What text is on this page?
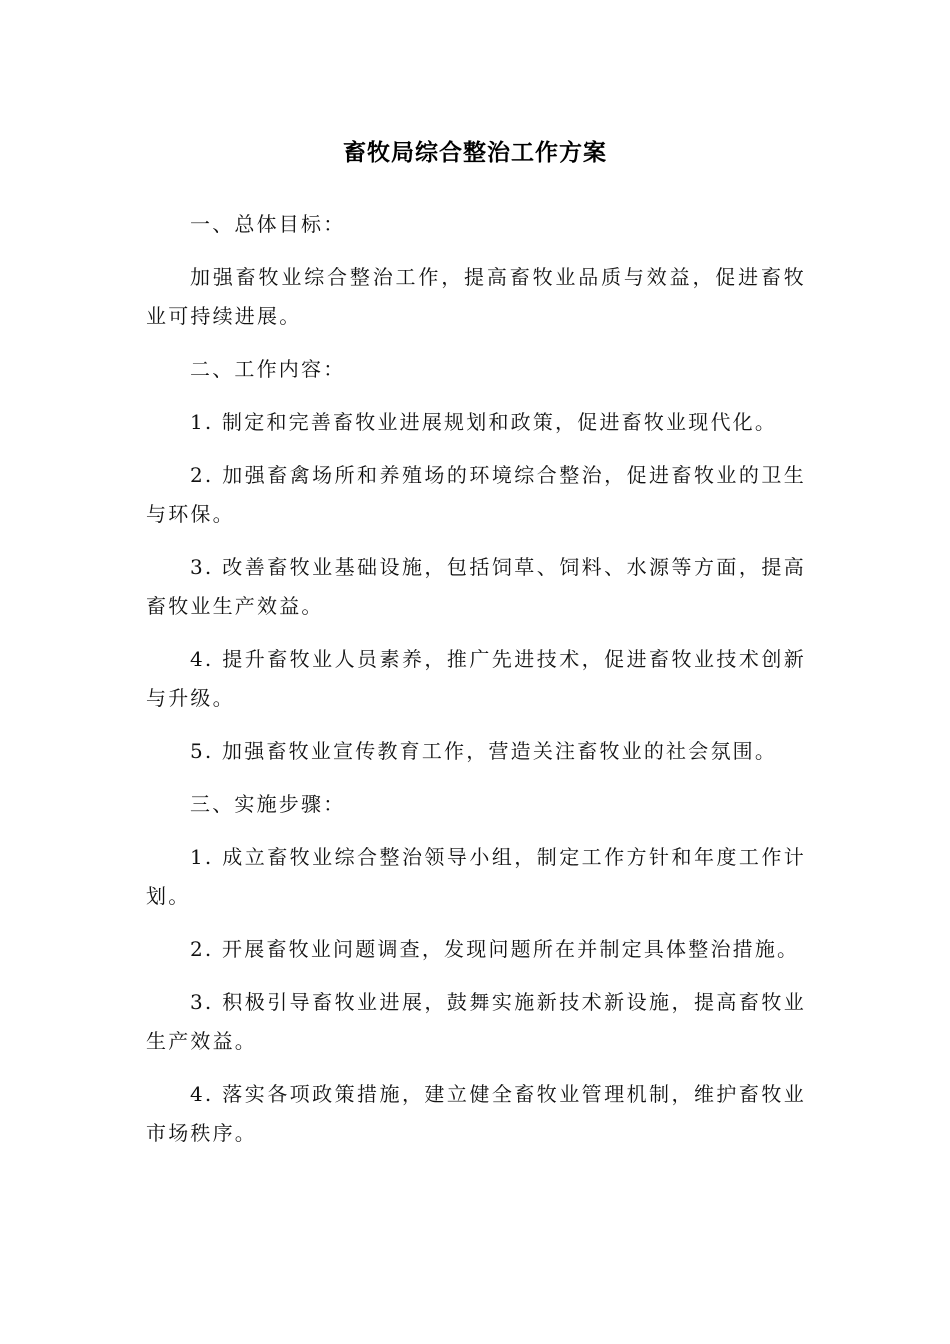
畜牧局综合整治工作方案

一、总体目标：

加强畜牧业综合整治工作，提高畜牧业品质与效益，促进畜牧业可持续进展。

二、工作内容：

1. 制定和完善畜牧业进展规划和政策，促进畜牧业现代化。

2. 加强畜禽场所和养殖场的环境综合整治，促进畜牧业的卫生与环保。

3. 改善畜牧业基础设施，包括饲草、饲料、水源等方面，提高畜牧业生产效益。

4. 提升畜牧业人员素养，推广先进技术，促进畜牧业技术创新与升级。

5. 加强畜牧业宣传教育工作，营造关注畜牧业的社会氛围。

三、实施步骤：

1. 成立畜牧业综合整治领导小组，制定工作方针和年度工作计划。

2. 开展畜牧业问题调查，发现问题所在并制定具体整治措施。

3. 积极引导畜牧业进展，鼓舞实施新技术新设施，提高畜牧业生产效益。

4. 落实各项政策措施，建立健全畜牧业管理机制，维护畜牧业市场秩序。
